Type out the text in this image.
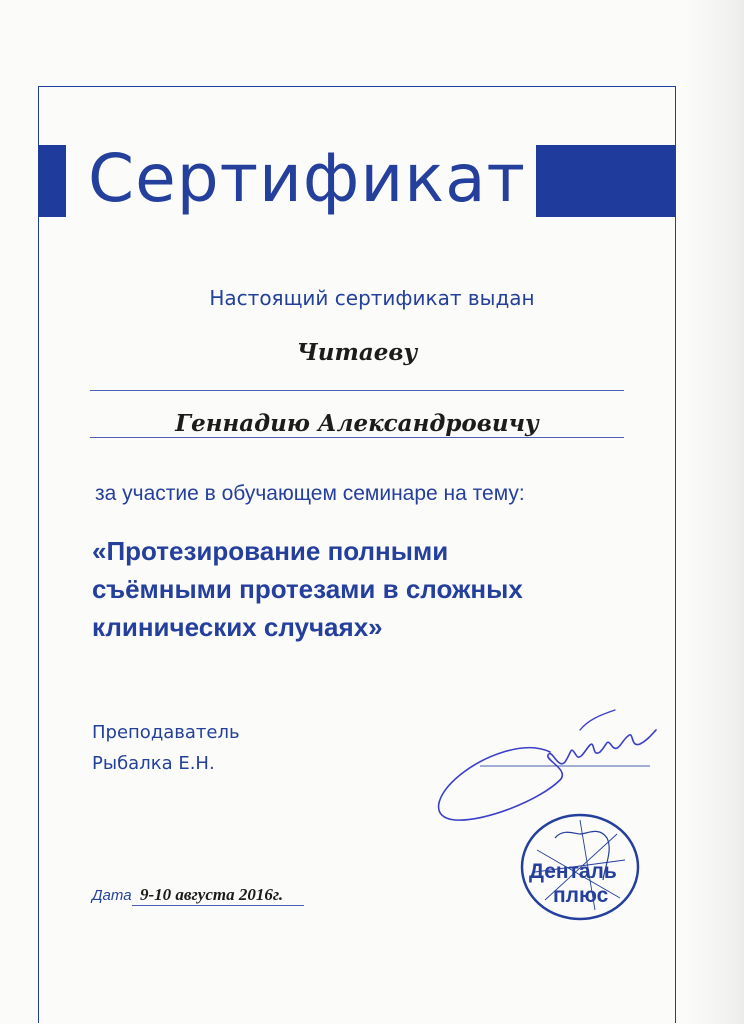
Сертификат
Настоящий сертификат выдан
Читаеву
Геннадию Александровичу
за участие в обучающем семинаре на тему:
«Протезирование полными
съёмными протезами в сложных
клинических случаях»
Преподаватель
Рыбалка Е.Н.
Денталь
плюс
Дата 9-10 августа 2016г.
